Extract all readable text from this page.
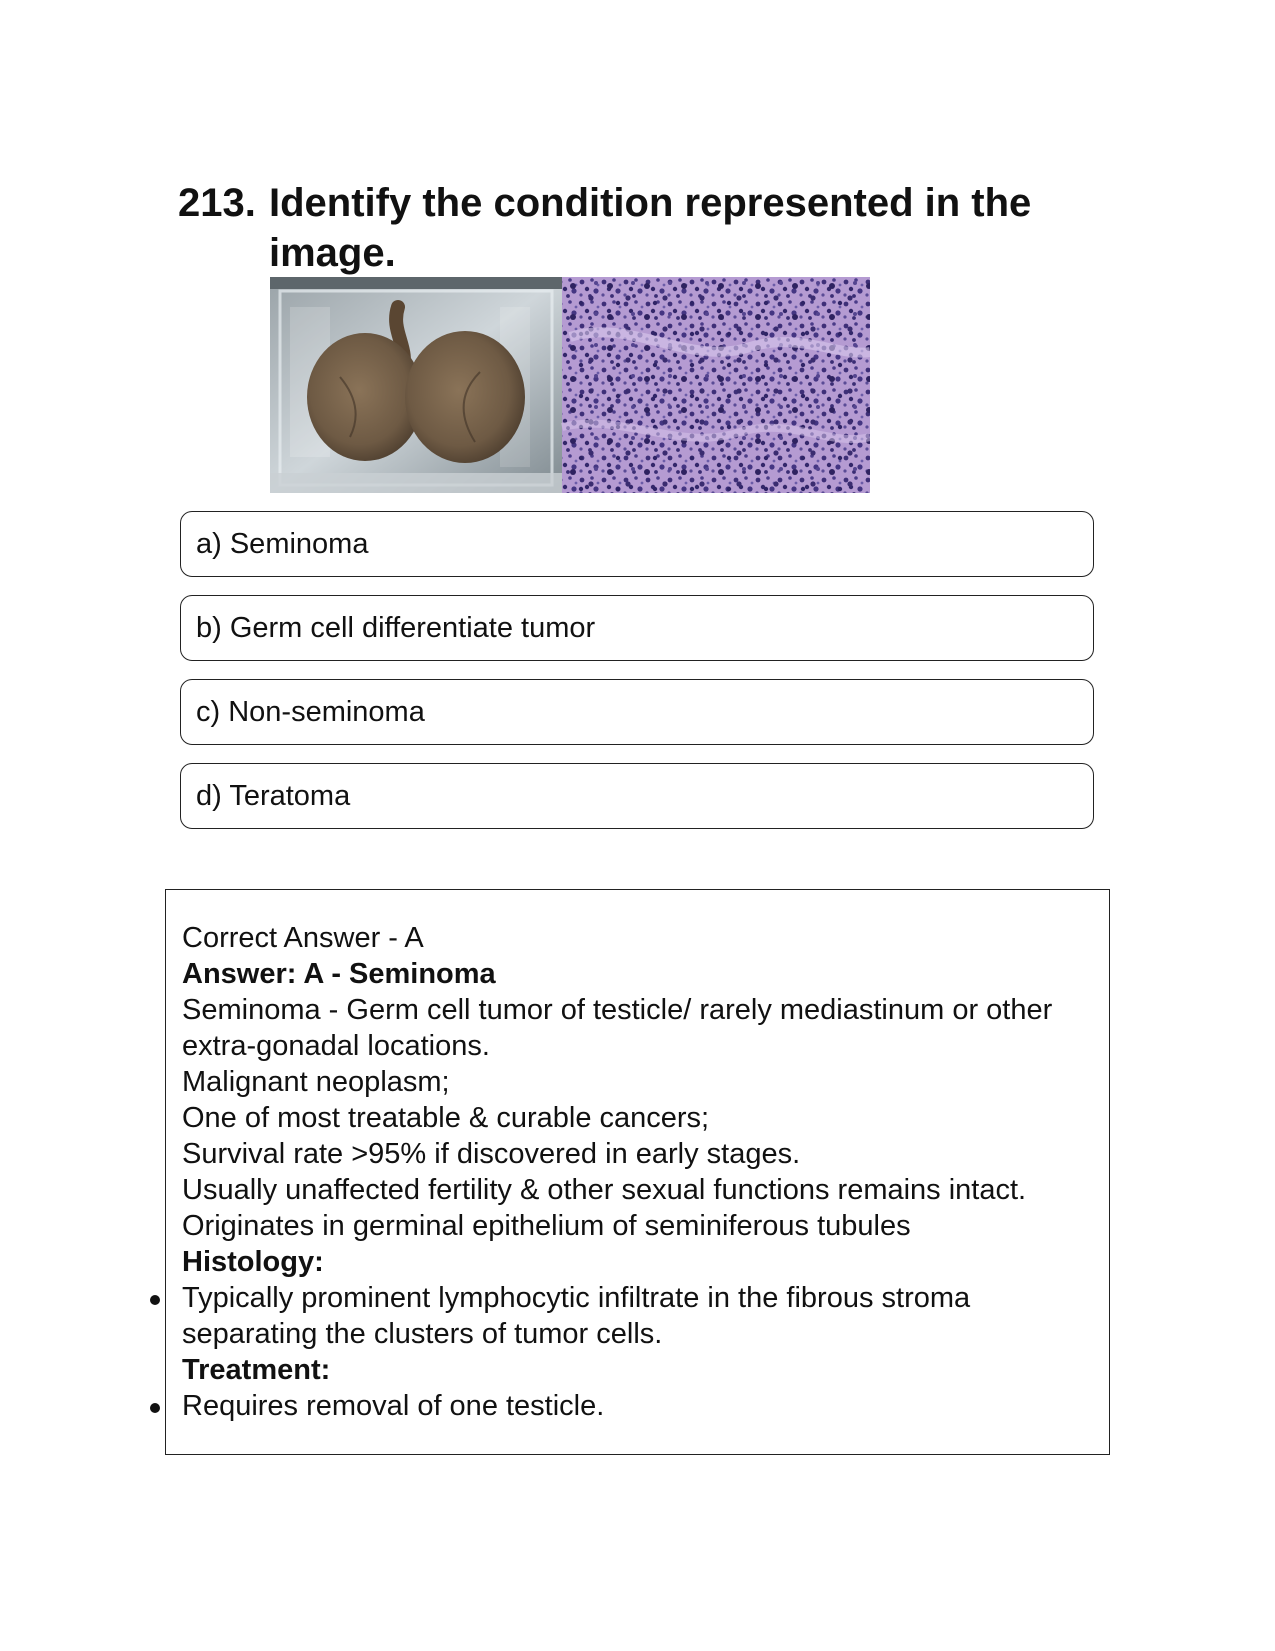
213. Identify the condition represented in the image.
a) Seminoma
b) Germ cell differentiate tumor
c) Non-seminoma
d) Teratoma
Correct Answer - A
Answer: A - Seminoma
Seminoma - Germ cell tumor of testicle/ rarely mediastinum or other extra-gonadal locations.
Malignant neoplasm;
One of most treatable & curable cancers;
Survival rate >95% if discovered in early stages.
Usually unaffected fertility & other sexual functions remains intact.
Originates in germinal epithelium of seminiferous tubules
Histology:
Typically prominent lymphocytic infiltrate in the fibrous stroma separating the clusters of tumor cells.
Treatment:
Requires removal of one testicle.
